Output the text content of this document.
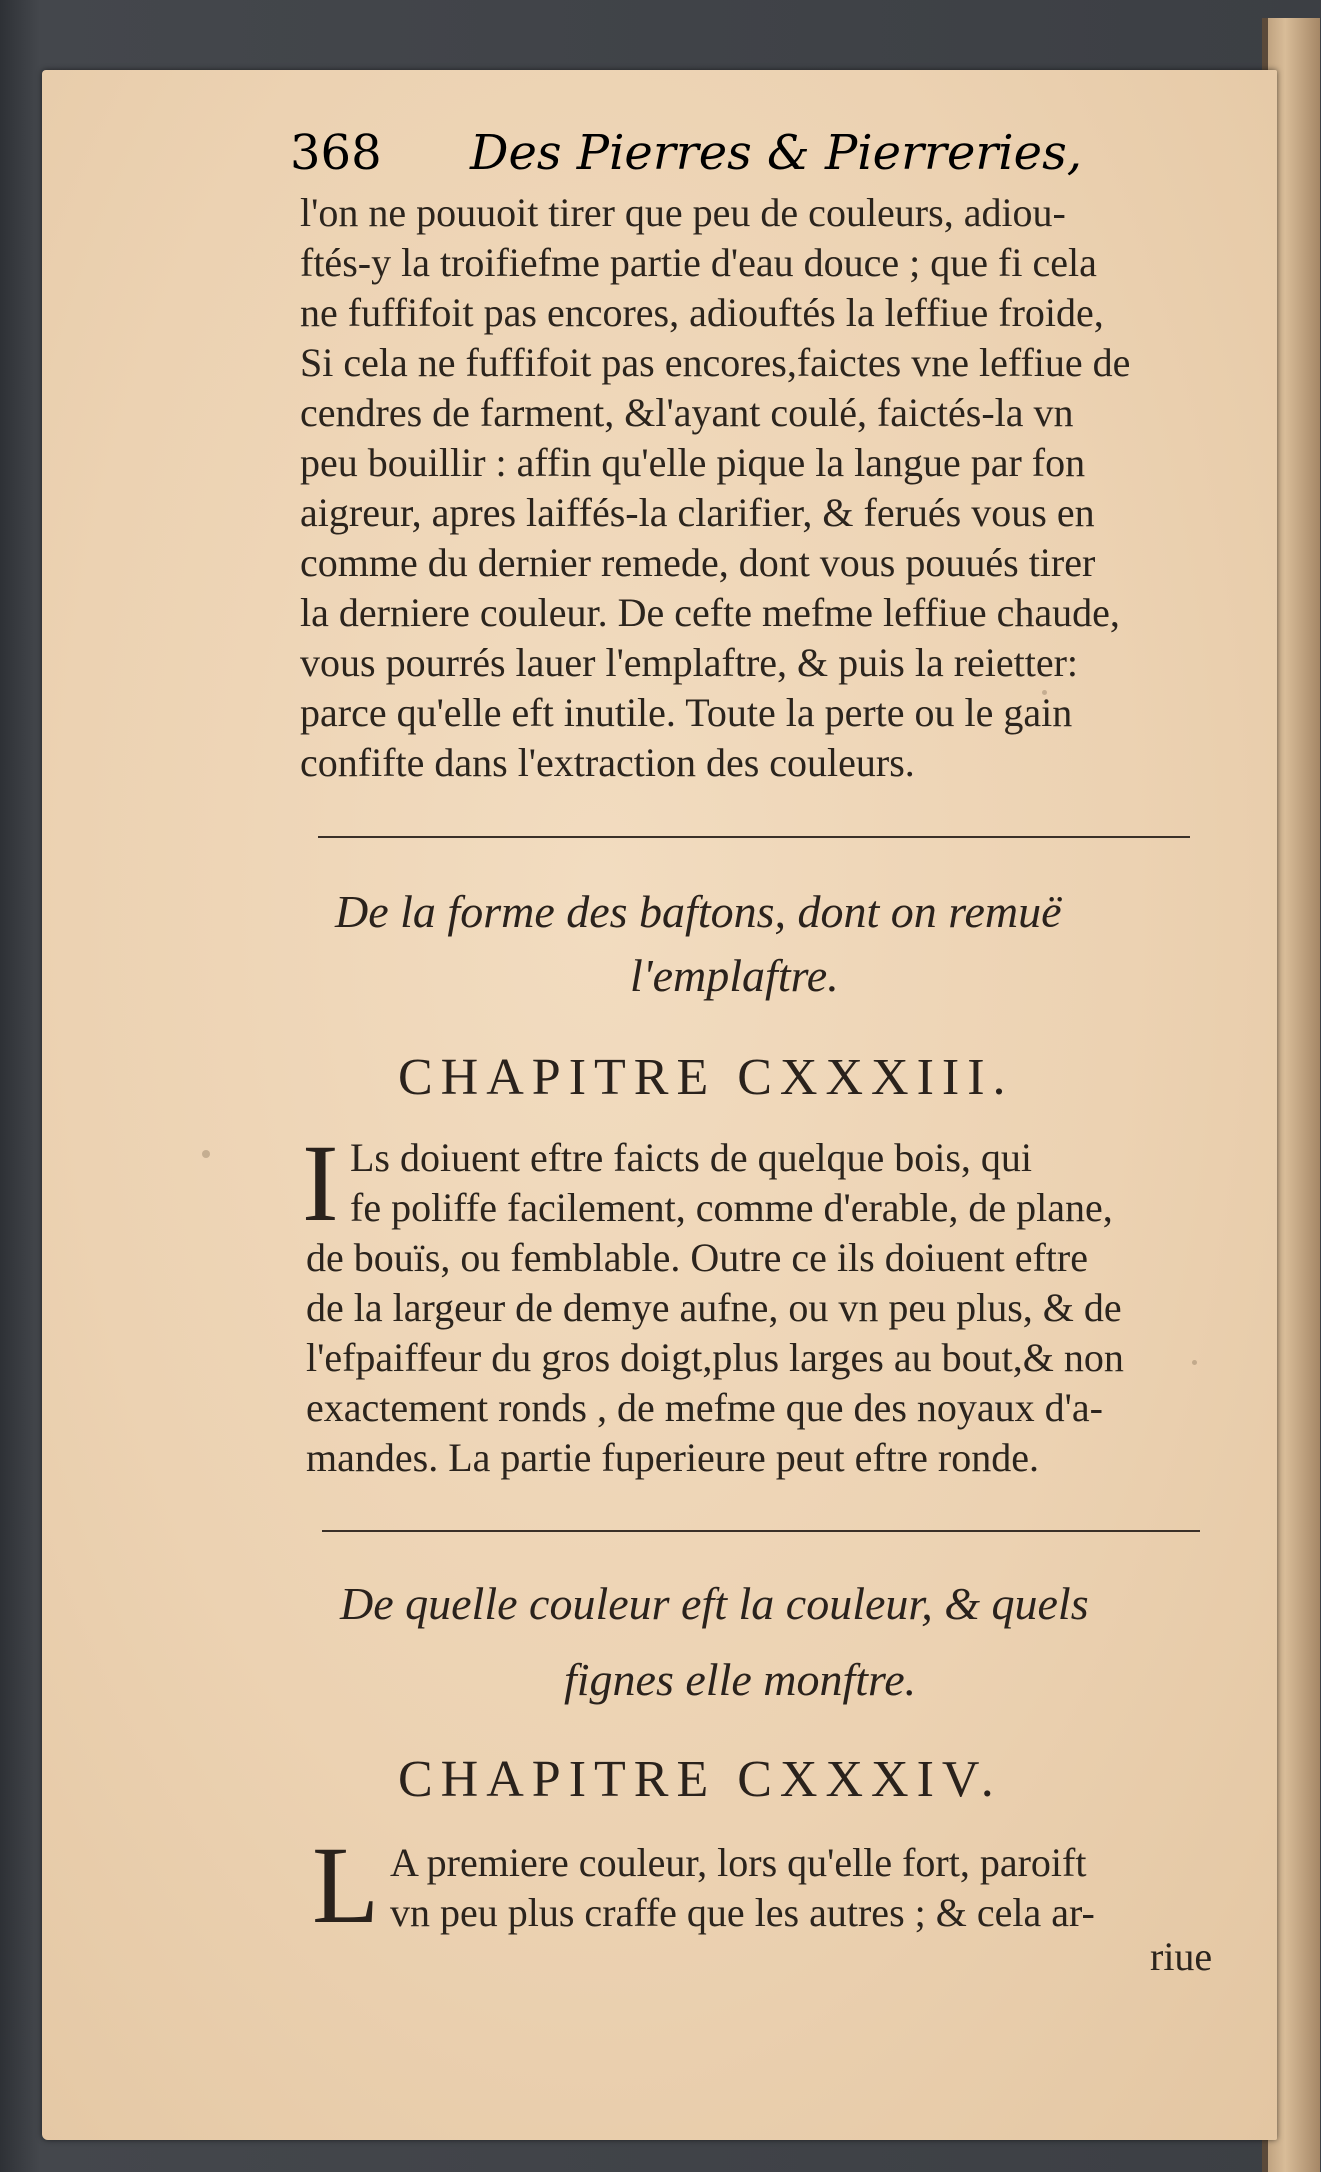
368 Des Pierres & Pierreries,
l'on ne pouuoit tirer que peu de couleurs, adiou-
ftés-y la troifiefme partie d'eau douce ; que fi cela
ne fuffifoit pas encores, adiouftés la leffiue froide,
Si cela ne fuffifoit pas encores,faictes vne leffiue de
cendres de farment, &l'ayant coulé, faictés-la vn
peu bouillir : affin qu'elle pique la langue par fon
aigreur, apres laiffés-la clarifier, & ferués vous en
comme du dernier remede, dont vous pouués tirer
la derniere couleur. De cefte mefme leffiue chaude,
vous pourrés lauer l'emplaftre, & puis la reietter:
parce qu'elle eft inutile. Toute la perte ou le gain
confifte dans l'extraction des couleurs.
De la forme des baftons, dont on remuë
l'emplaftre.
CHAPITRE CXXXIII.
I Ls doiuent eftre faicts de quelque bois, qui
fe poliffe facilement, comme d'erable, de plane,
de bouïs, ou femblable. Outre ce ils doiuent eftre
de la largeur de demye aufne, ou vn peu plus, & de
l'efpaiffeur du gros doigt,plus larges au bout,& non
exactement ronds , de mefme que des noyaux d'a-
mandes. La partie fuperieure peut eftre ronde.
De quelle couleur eft la couleur, & quels
fignes elle monftre.
CHAPITRE CXXXIV.
L A premiere couleur, lors qu'elle fort, paroift
vn peu plus craffe que les autres ; & cela ar-
riue
